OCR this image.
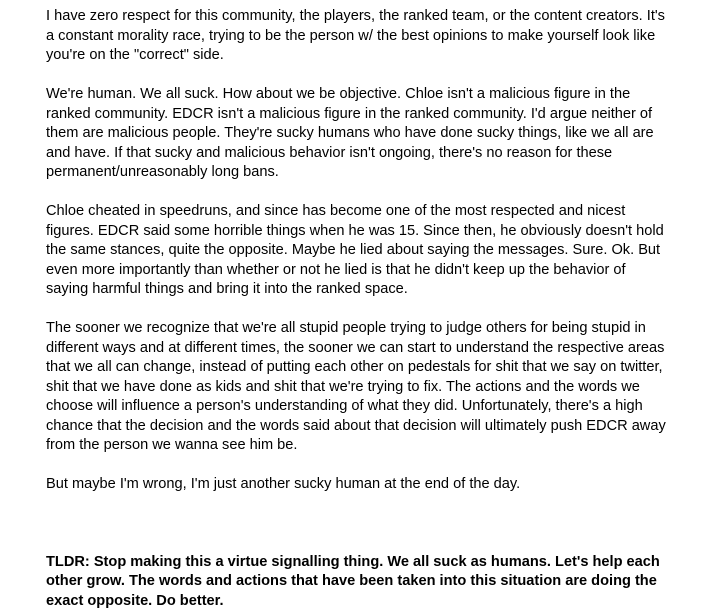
I have zero respect for this community, the players, the ranked team, or the content creators. It's
a constant morality race, trying to be the person w/ the best opinions to make yourself look like
you're on the "correct" side.

We're human. We all suck. How about we be objective. Chloe isn't a malicious figure in the
ranked community. EDCR isn't a malicious figure in the ranked community. I'd argue neither of
them are malicious people. They're sucky humans who have done sucky things, like we all are
and have. If that sucky and malicious behavior isn't ongoing, there's no reason for these
permanent/unreasonably long bans.

Chloe cheated in speedruns, and since has become one of the most respected and nicest
figures. EDCR said some horrible things when he was 15. Since then, he obviously doesn't hold
the same stances, quite the opposite. Maybe he lied about saying the messages. Sure. Ok. But
even more importantly than whether or not he lied is that he didn't keep up the behavior of
saying harmful things and bring it into the ranked space.

The sooner we recognize that we're all stupid people trying to judge others for being stupid in
different ways and at different times, the sooner we can start to understand the respective areas
that we all can change, instead of putting each other on pedestals for shit that we say on twitter,
shit that we have done as kids and shit that we're trying to fix. The actions and the words we
choose will influence a person's understanding of what they did. Unfortunately, there's a high
chance that the decision and the words said about that decision will ultimately push EDCR away
from the person we wanna see him be.

But maybe I'm wrong, I'm just another sucky human at the end of the day.

TLDR: Stop making this a virtue signalling thing. We all suck as humans. Let's help each
other grow. The words and actions that have been taken into this situation are doing the
exact opposite. Do better.
